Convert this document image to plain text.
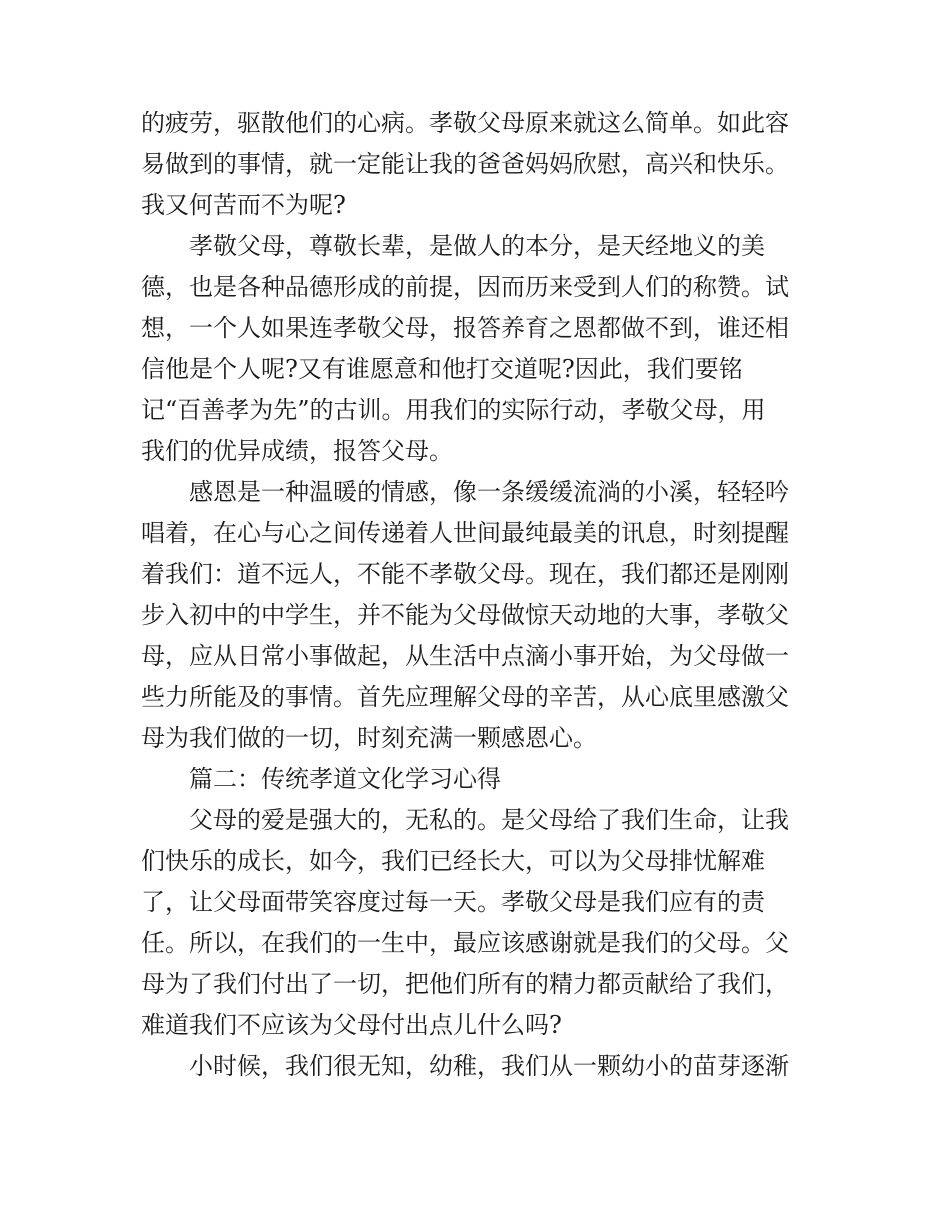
的疲劳，驱散他们的心病。孝敬父母原来就这么简单。如此容
易做到的事情，就一定能让我的爸爸妈妈欣慰，高兴和快乐。
我又何苦而不为呢?
孝敬父母，尊敬长辈，是做人的本分，是天经地义的美
德，也是各种品德形成的前提，因而历来受到人们的称赞。试
想，一个人如果连孝敬父母，报答养育之恩都做不到，谁还相
信他是个人呢?又有谁愿意和他打交道呢?因此，我们要铭
记“百善孝为先”的古训。用我们的实际行动，孝敬父母，用
我们的优异成绩，报答父母。
感恩是一种温暖的情感，像一条缓缓流淌的小溪，轻轻吟
唱着，在心与心之间传递着人世间最纯最美的讯息，时刻提醒
着我们：道不远人，不能不孝敬父母。现在，我们都还是刚刚
步入初中的中学生，并不能为父母做惊天动地的大事，孝敬父
母，应从日常小事做起，从生活中点滴小事开始，为父母做一
些力所能及的事情。首先应理解父母的辛苦，从心底里感激父
母为我们做的一切，时刻充满一颗感恩心。
篇二：传统孝道文化学习心得
父母的爱是强大的，无私的。是父母给了我们生命，让我
们快乐的成长，如今，我们已经长大，可以为父母排忧解难
了，让父母面带笑容度过每一天。孝敬父母是我们应有的责
任。所以，在我们的一生中，最应该感谢就是我们的父母。父
母为了我们付出了一切，把他们所有的精力都贡献给了我们，
难道我们不应该为父母付出点儿什么吗?
小时候，我们很无知，幼稚，我们从一颗幼小的苗芽逐渐
